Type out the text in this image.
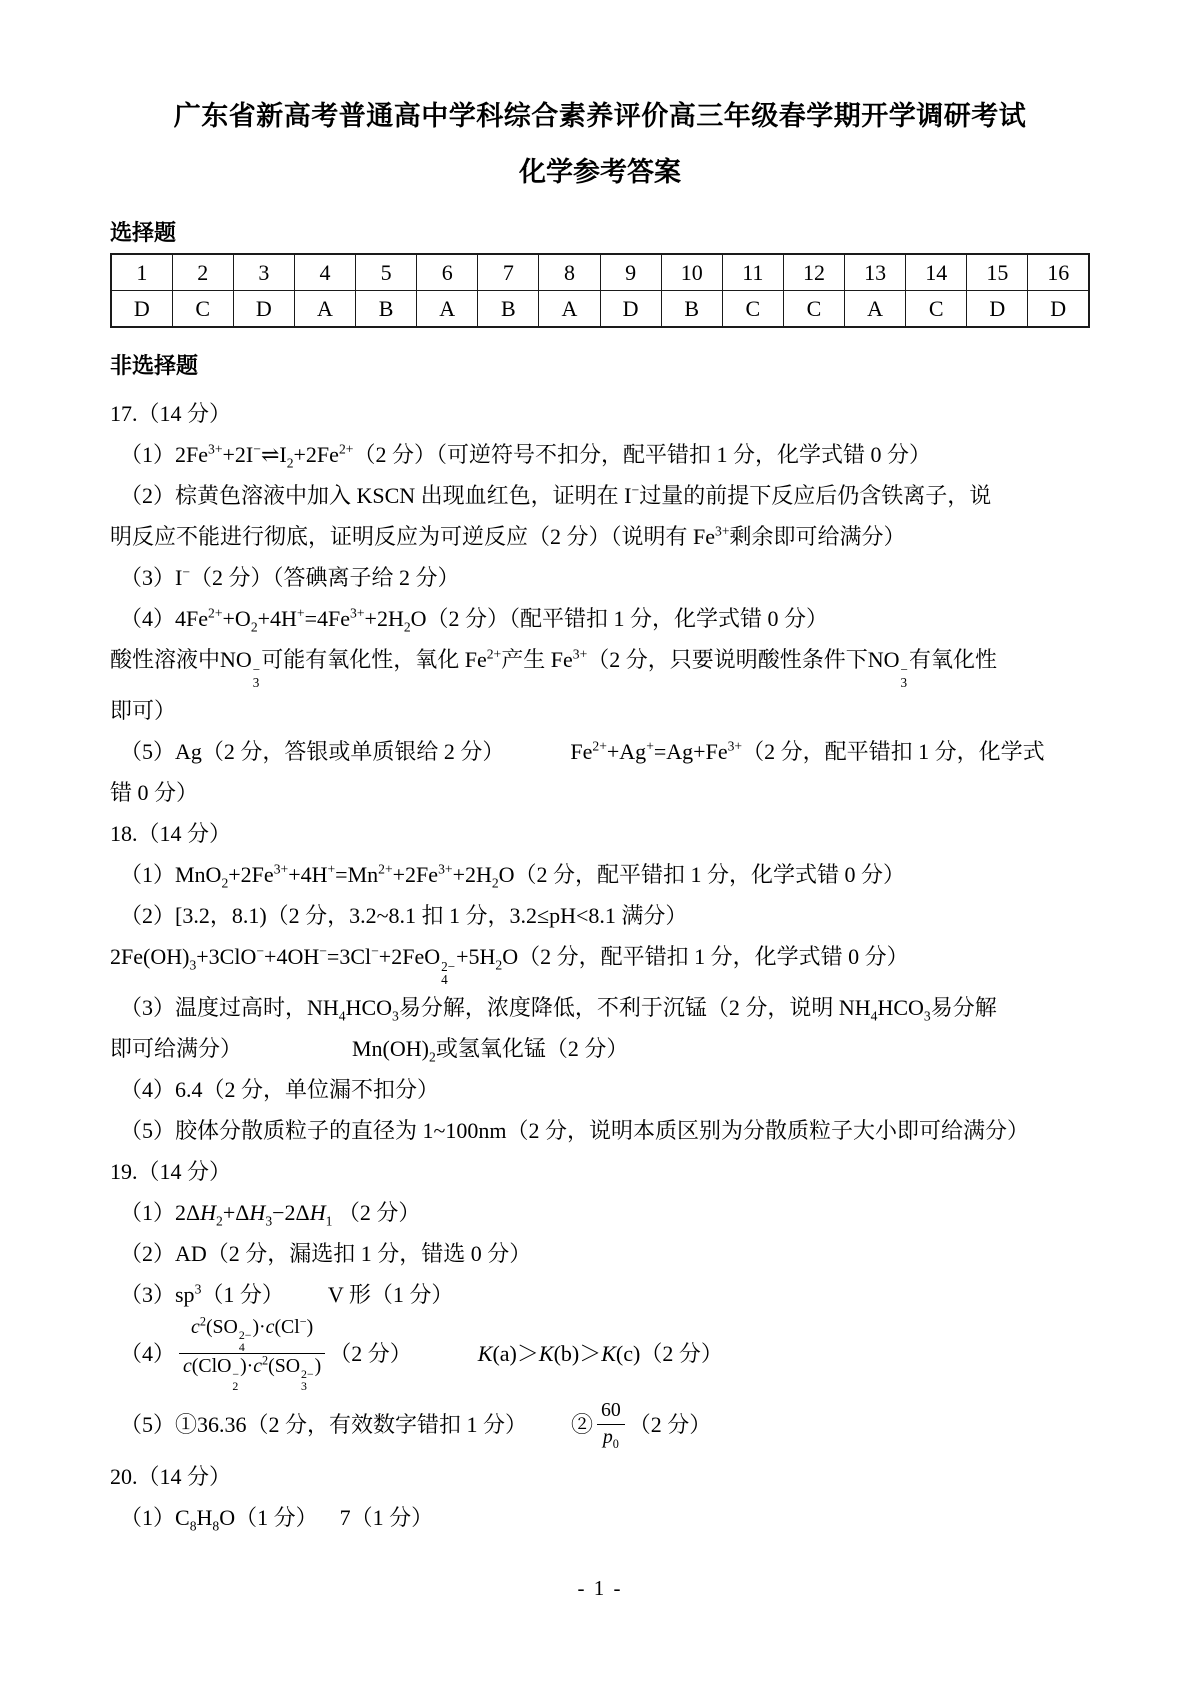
广东省新高考普通高中学科综合素养评价高三年级春学期开学调研考试
化学参考答案
选择题
1	2	3	4	5	6	7	8	9	10	11	12	13	14	15	16
D	C	D	A	B	A	B	A	D	B	C	C	A	C	D	D
非选择题
17.（14 分）
$(1)2Fe^{3+}+2I^-\rightleftharpoons I_2+2Fe^{2+}(2$ 分）（可逆符号不扣分，配平错扣 1 分，化学式错 0 分）
（2）棕黄色溶液中加入 KSCN 出现血红色，证明在 I−过量的前提下反应后仍含铁离子，说
明反应不能进行彻底，证明反应为可逆反应（2 分）（说明有 $Fe^{3+}$剩余即可给满分）
（3）I−（2 分）（答碘离子给 2 分）
$(4)4Fe^{2+}+O_2+4H^+=4Fe^{3+}+2H_2O(2$ 分）（配平错扣 1 分，化学式错 0 分）
酸性溶液中NO −
3
可能有氧化性，氧化 $Fe^{2+}$产生 $Fe^{3+}(2$ 分，只要说明酸性条件下NO −
3
有氧化性
即可）
（5）Ag（2 分，答银或单质银给 2 分）   $Fe^{2+}+Ag^+=Ag+Fe^{3+}(2$ 分，配平错扣 1 分，化学式
错 0 分）
18.（14 分）
$(1)MnO_2+2Fe^{3+}+4H^+=Mn^{2+}+2Fe^{3+}+2H_2O(2$ 分，配平错扣 1 分，化学式错 0 分）
（2）[3.2，8.1)（2 分，3.2~8.1 扣 1 分，3.2≤pH<8.1 满分）
$2Fe(OH)_3+3ClO^-+4OH^-=3Cl^-+2FeO$ 2−
4
$+5H_2O(2$ 分，配平错扣 1 分，化学式错 0 分）
（3）温度过高时，$NH_4HCO_3$易分解，浓度降低，不利于沉锰（2 分，说明 $NH_4HCO_3$易分解
即可给满分）     $Mn(OH)_2$或氢氧化锰（2 分）
（4）6.4（2 分，单位漏不扣分）
（5）胶体分散质粒子的直径为 1~100nm（2 分，说明本质区别为分散质粒子大小即可给满分）
19.（14 分）
$(1)2\Delta H_2+\Delta H_3-2\Delta H_1$ （2 分）
（2）AD（2 分，漏选扣 1 分，错选 0 分）
$(3)sp^3(1$ 分）  V 形（1 分）
（4） $c^2(SO$ 2−
4
)·c(Cl−)
c(ClO −
2
)$\cdot c^2(SO$ 2−
3
) （2 分）    K (a)＞ K (b)＞ K (c)（2 分）
（5）①36.36（2 分，有效数字错扣 1 分）  ② $\frac{60}{p_0} (2$ 分）
20.（14 分）
$(1)C_8H_8O(1$ 分） 7（1 分）
- 1 -
